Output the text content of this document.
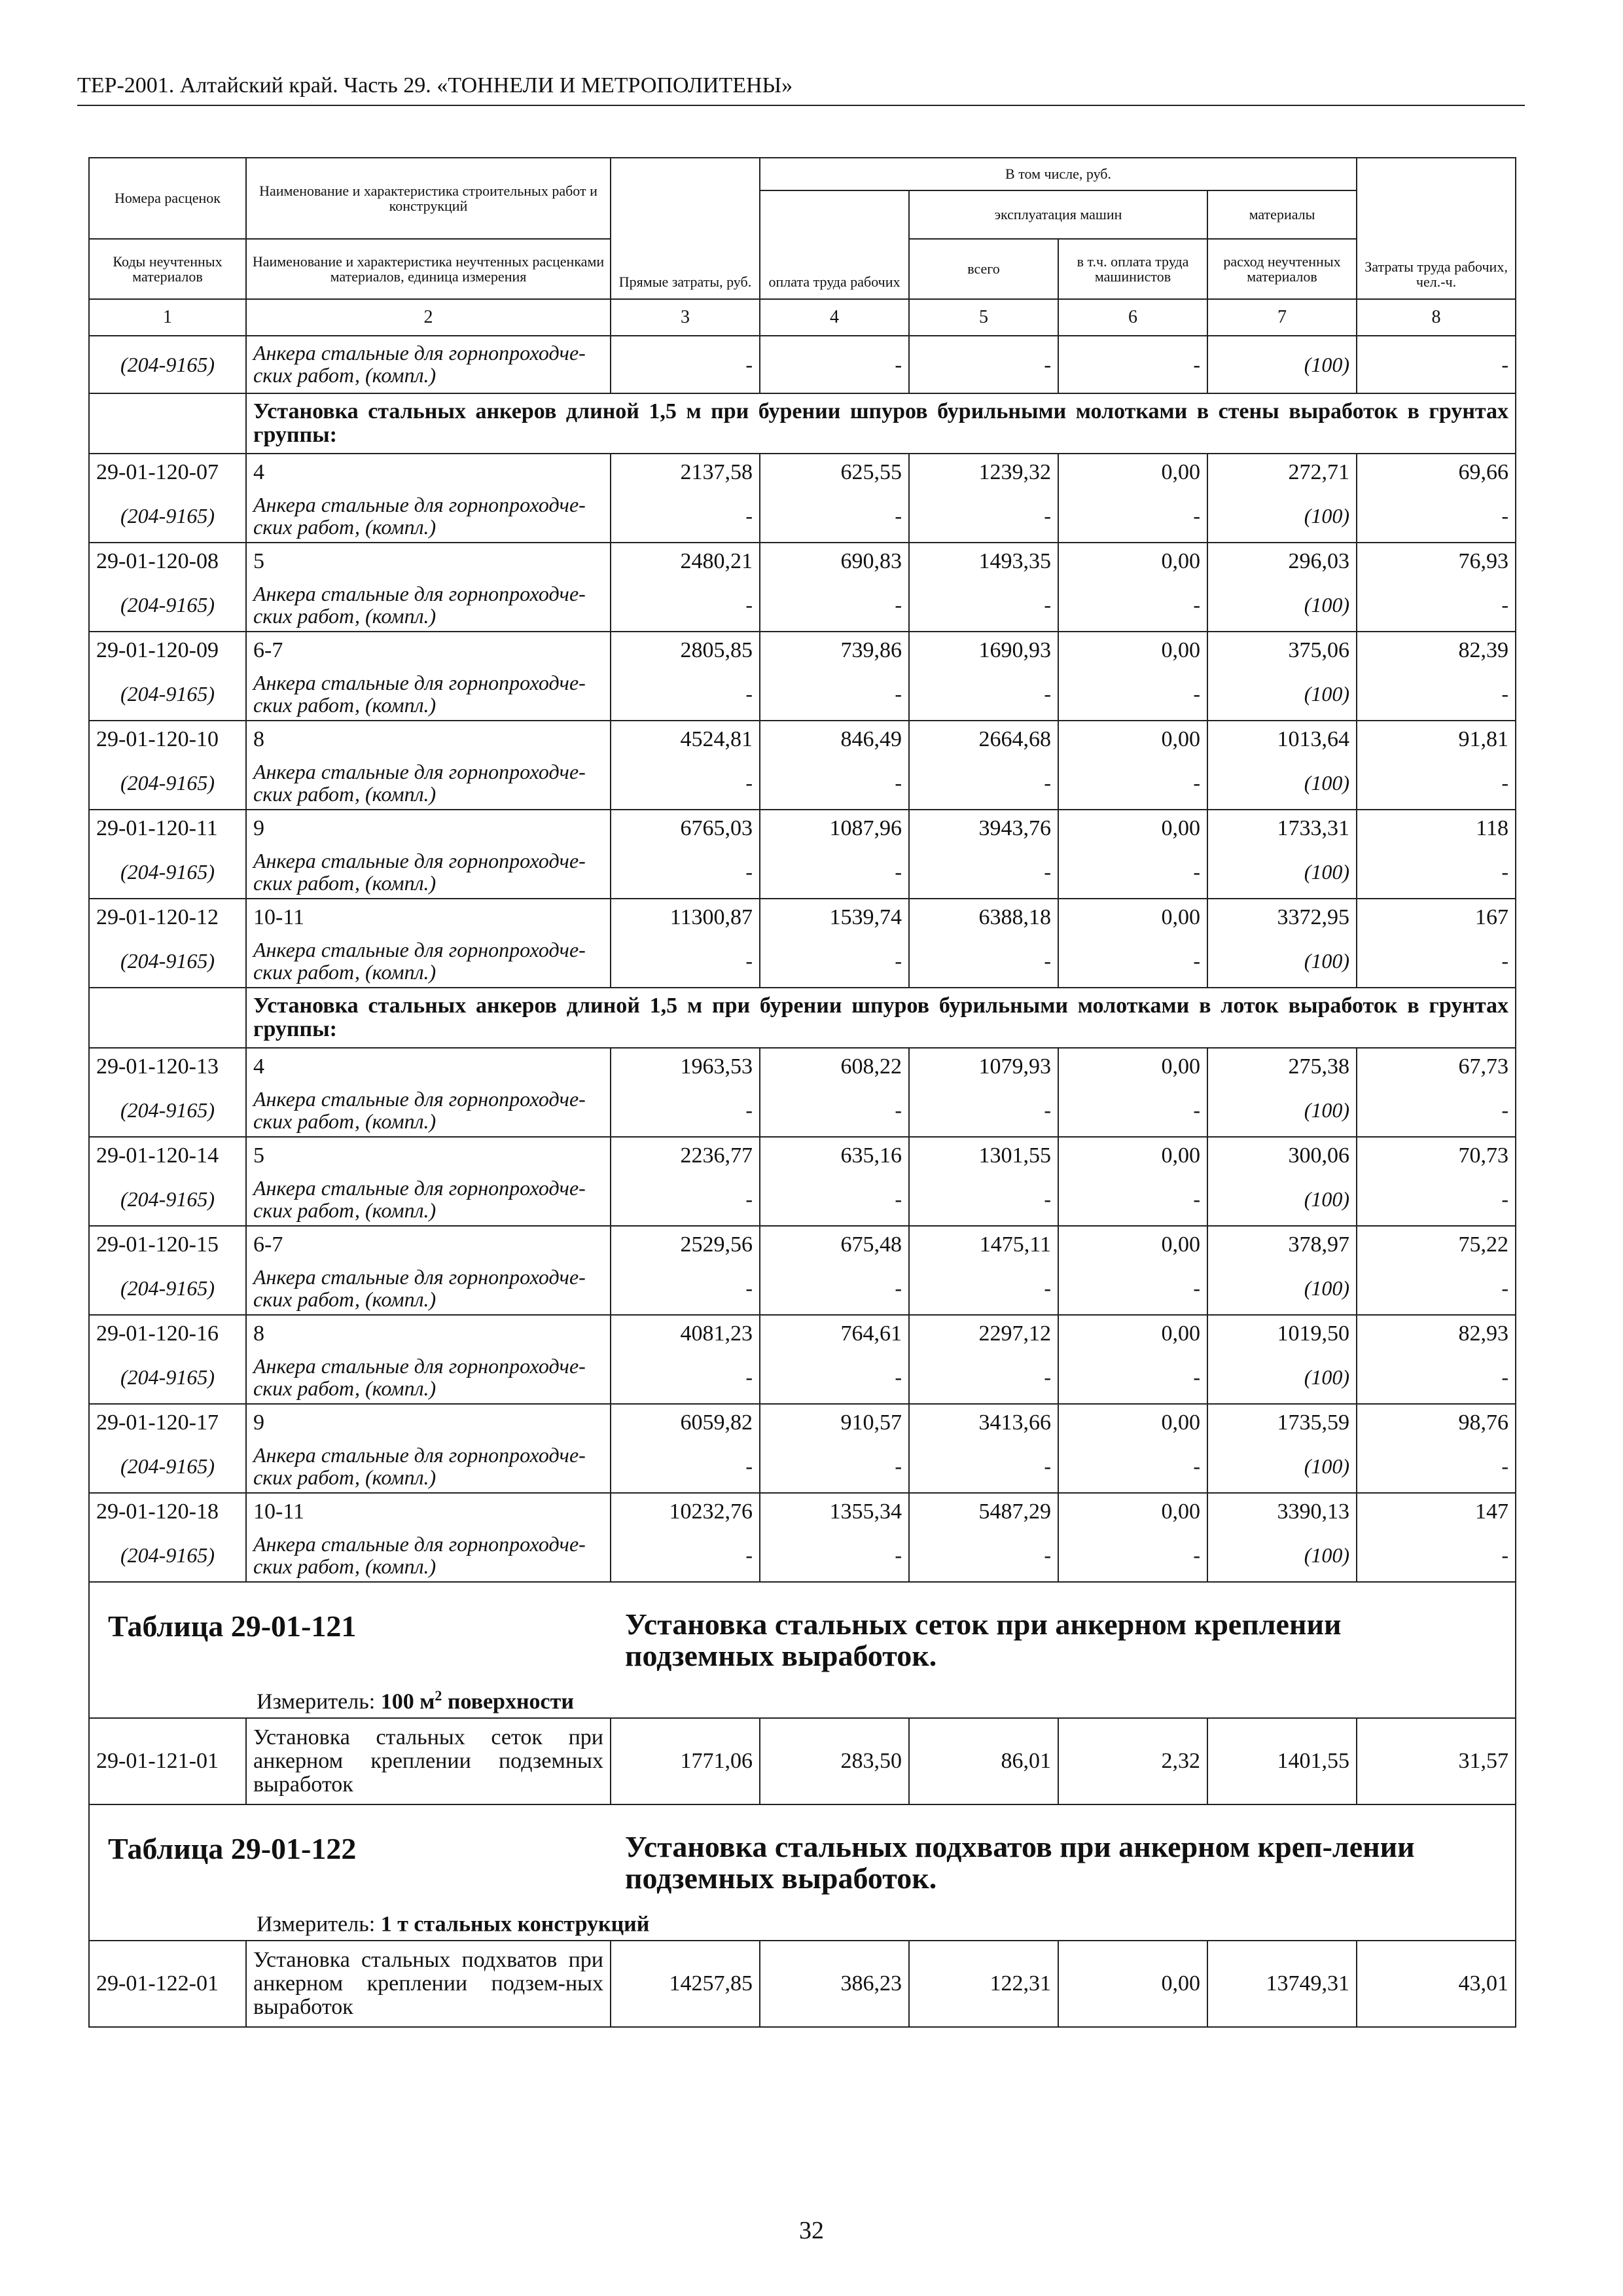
ТЕР-2001. Алтайский край. Часть 29. «ТОННЕЛИ И МЕТРОПОЛИТЕНЫ»
Номера расценок	Наименование и характеристика строительных работ и конструкций	Прямые затраты, руб.	В том числе, руб.				Затраты труда рабочих, чел.-ч.
			оплата труда рабочих	эксплуатация машин		материалы	
Коды неучтенных материалов	Наименование и характеристика неучтенных расценками материалов, единица измерения			всего	в т.ч. оплата труда машинистов	расход неучтенных материалов	
1	2	3	4	5	6	7	8
(204-9165)	Анкера стальные для горнопроходче-ских работ, (компл.)	-	-	-	-	(100)	-
	Установка стальных анкеров длиной 1,5 м при бурении шпуров бурильными молотками в стены выработок в грунтах группы:						
29-01-120-07	4	2137,58	625,55	1239,32	0,00	272,71	69,66
(204-9165)	Анкера стальные для горнопроходче-ских работ, (компл.)	-	-	-	-	(100)	-
29-01-120-08	5	2480,21	690,83	1493,35	0,00	296,03	76,93
(204-9165)	Анкера стальные для горнопроходче-ских работ, (компл.)	-	-	-	-	(100)	-
29-01-120-09	6-7	2805,85	739,86	1690,93	0,00	375,06	82,39
(204-9165)	Анкера стальные для горнопроходче-ских работ, (компл.)	-	-	-	-	(100)	-
29-01-120-10	8	4524,81	846,49	2664,68	0,00	1013,64	91,81
(204-9165)	Анкера стальные для горнопроходче-ских работ, (компл.)	-	-	-	-	(100)	-
29-01-120-11	9	6765,03	1087,96	3943,76	0,00	1733,31	118
(204-9165)	Анкера стальные для горнопроходче-ских работ, (компл.)	-	-	-	-	(100)	-
29-01-120-12	10-11	11300,87	1539,74	6388,18	0,00	3372,95	167
(204-9165)	Анкера стальные для горнопроходче-ских работ, (компл.)	-	-	-	-	(100)	-
	Установка стальных анкеров длиной 1,5 м при бурении шпуров бурильными молотками в лоток выработок в грунтах группы:						
29-01-120-13	4	1963,53	608,22	1079,93	0,00	275,38	67,73
(204-9165)	Анкера стальные для горнопроходче-ских работ, (компл.)	-	-	-	-	(100)	-
29-01-120-14	5	2236,77	635,16	1301,55	0,00	300,06	70,73
(204-9165)	Анкера стальные для горнопроходче-ских работ, (компл.)	-	-	-	-	(100)	-
29-01-120-15	6-7	2529,56	675,48	1475,11	0,00	378,97	75,22
(204-9165)	Анкера стальные для горнопроходче-ских работ, (компл.)	-	-	-	-	(100)	-
29-01-120-16	8	4081,23	764,61	2297,12	0,00	1019,50	82,93
(204-9165)	Анкера стальные для горнопроходче-ских работ, (компл.)	-	-	-	-	(100)	-
29-01-120-17	9	6059,82	910,57	3413,66	0,00	1735,59	98,76
(204-9165)	Анкера стальные для горнопроходче-ских работ, (компл.)	-	-	-	-	(100)	-
29-01-120-18	10-11	10232,76	1355,34	5487,29	0,00	3390,13	147
(204-9165)	Анкера стальные для горнопроходче-ских работ, (компл.)	-	-	-	-	(100)	-

Таблица 29-01-121 Установка стальных сеток при анкерном креплении подземных выработок.
Измеритель: 100 $м^2$ поверхности							

29-01-121-01	Установка стальных сеток при анкерном креплении подземных выработок	1771,06	283,50	86,01	2,32	1401,55	31,57

Таблица 29-01-122 Установка стальных подхватов при анкерном креп-лении подземных выработок.
Измеритель: 1 т стальных конструкций							

29-01-122-01	Установка стальных подхватов при анкерном креплении подзем-ных выработок	14257,85	386,23	122,31	0,00	13749,31	43,01
32
